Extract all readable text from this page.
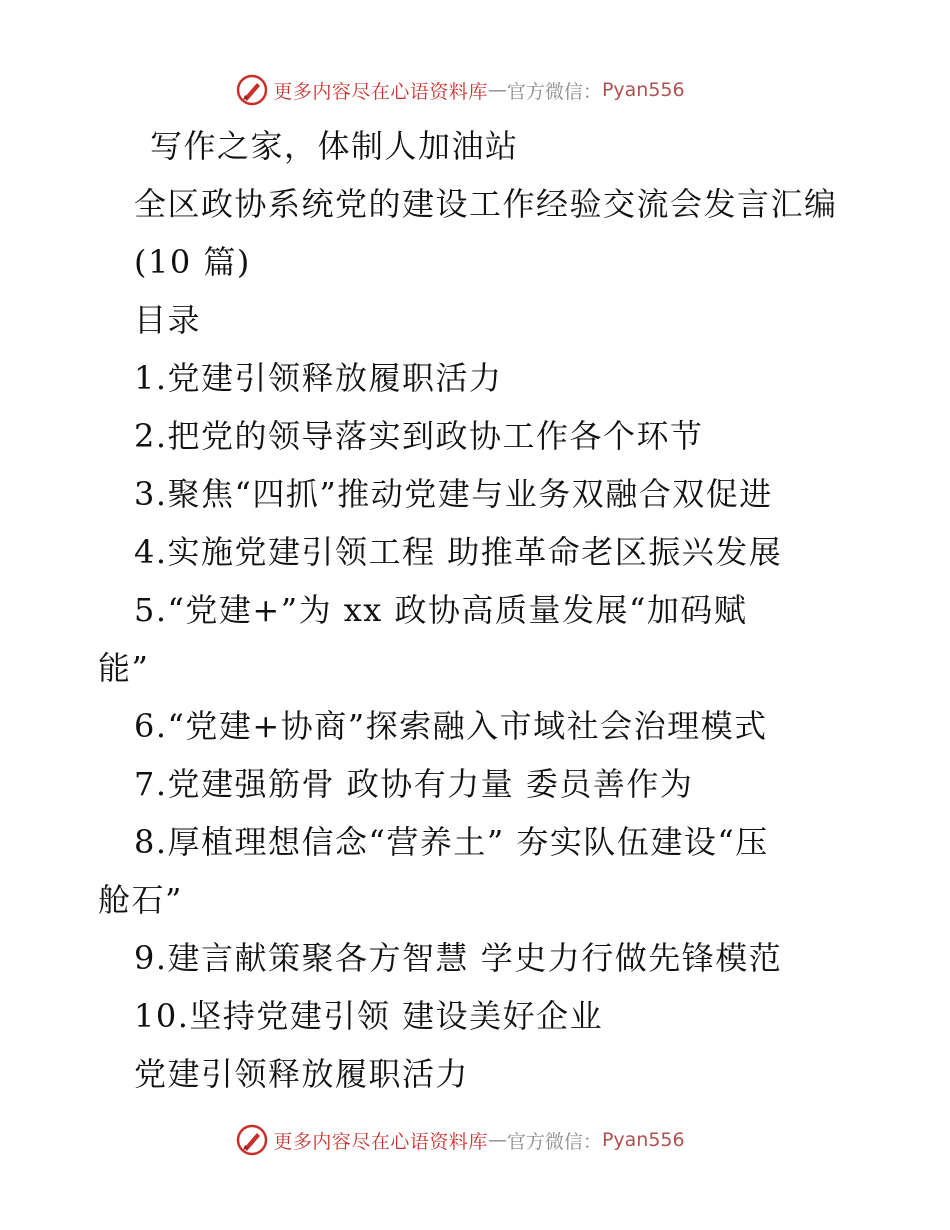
更多内容尽在心语资料库 — 官方微信： Pyan556
写作之家，体制人加油站
全区政协系统党的建设工作经验交流会发言汇编
(10 篇)
目录
1.党建引领释放履职活力
2.把党的领导落实到政协工作各个环节
3.聚焦“四抓”推动党建与业务双融合双促进
4.实施党建引领工程 助推革命老区振兴发展
5.“党建+”为 xx 政协高质量发展“加码赋
能”
6.“党建+协商”探索融入市域社会治理模式
7.党建强筋骨 政协有力量 委员善作为
8.厚植理想信念“营养土” 夯实队伍建设“压
舱石”
9.建言献策聚各方智慧 学史力行做先锋模范
10.坚持党建引领 建设美好企业
党建引领释放履职活力
更多内容尽在心语资料库 — 官方微信： Pyan556
